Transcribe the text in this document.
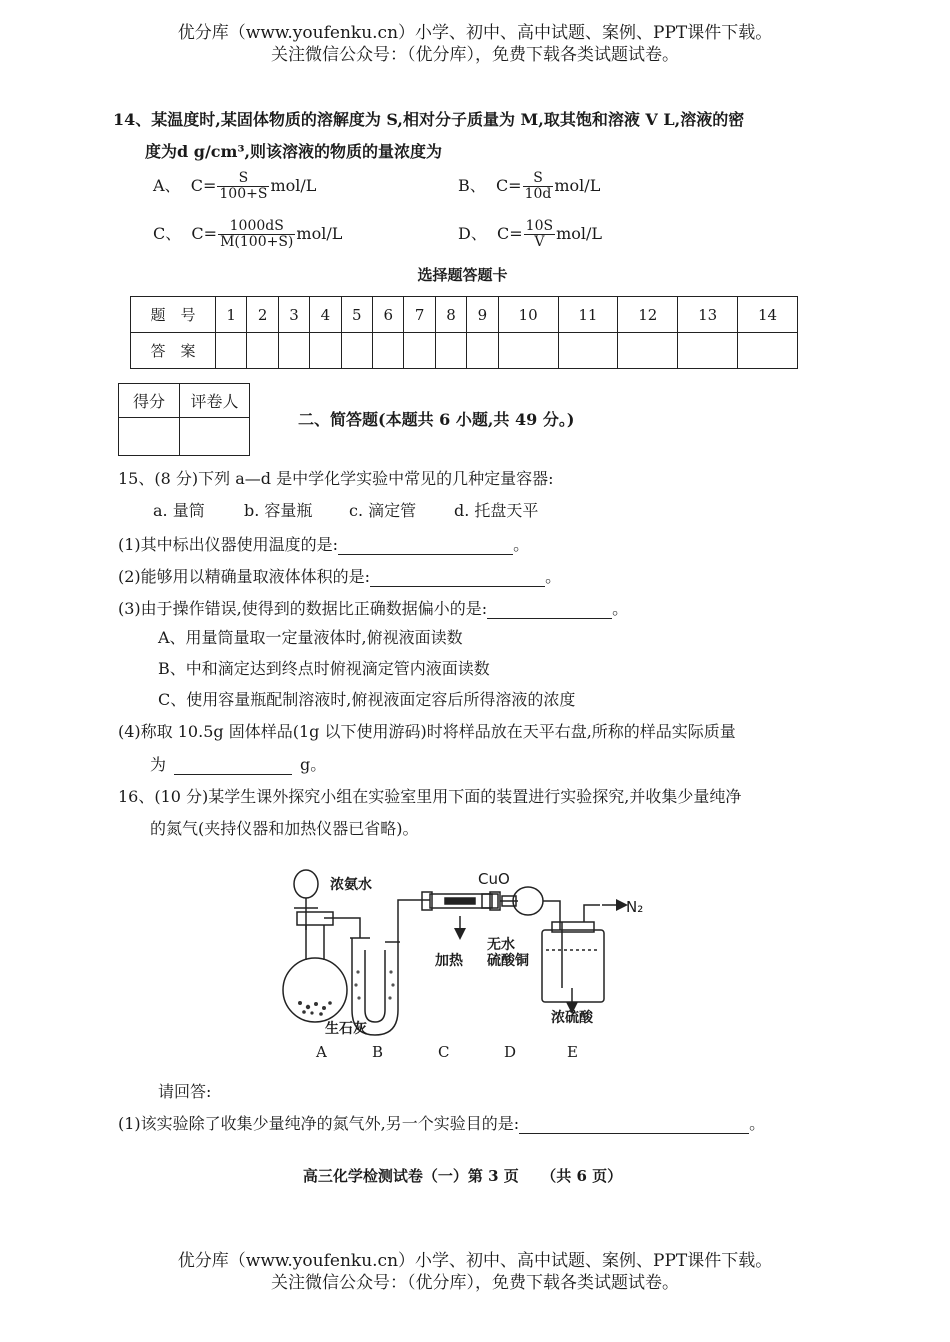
优分库（www.youfenku.cn）小学、初中、高中试题、案例、PPT课件下载。
关注微信公众号：（优分库），免费下载各类试题试卷。
14、某温度时,某固体物质的溶解度为 S,相对分子质量为 M,取其饱和溶液 V L,溶液的密
度为d g/cm³,则该溶液的物质的量浓度为
A、 $C= \frac{S}{100+S} mol/L$	B、 $C= \frac{S}{10d} mol/L$
C、 $C= \frac{1000dS}{M(100+S)} mol/L$	D、 $C= \frac{10S}{V} mol/L$
选择题答题卡
题　号	1	2	3	4	5	6	7	8	9	10	11	12	13	14
答　案														
得分	评卷人

二、简答题(本题共 6 小题,共 49 分。)
15、(8 分)下列 a—d 是中学化学实验中常见的几种定量容器:
a. 量筒 b. 容量瓶 c. 滴定管 d. 托盘天平
(1)其中标出仪器使用温度的是:	。
(2)能够用以精确量取液体体积的是:	。
(3)由于操作错误,使得到的数据比正确数据偏小的是:	。
A、用量筒量取一定量液体时,俯视液面读数
B、中和滴定达到终点时俯视滴定管内液面读数
C、使用容量瓶配制溶液时,俯视液面定容后所得溶液的浓度
(4)称取 10.5g 固体样品(1g 以下使用游码)时将样品放在天平右盘,所称的样品实际质量
为	g。
16、(10 分)某学生课外探究小组在实验室里用下面的装置进行实验探究,并收集少量纯净
的氮气(夹持仪器和加热仪器已省略)。
浓氨水	CuO
N₂
加热
无水
硫酸铜
生石灰
浓硫酸
A	B	C	D	E
请回答:
(1)该实验除了收集少量纯净的氮气外,另一个实验目的是:	。
高三化学检测试卷（一）第 3 页　　（共 6 页）
优分库（www.youfenku.cn）小学、初中、高中试题、案例、PPT课件下载。
关注微信公众号：（优分库），免费下载各类试题试卷。
